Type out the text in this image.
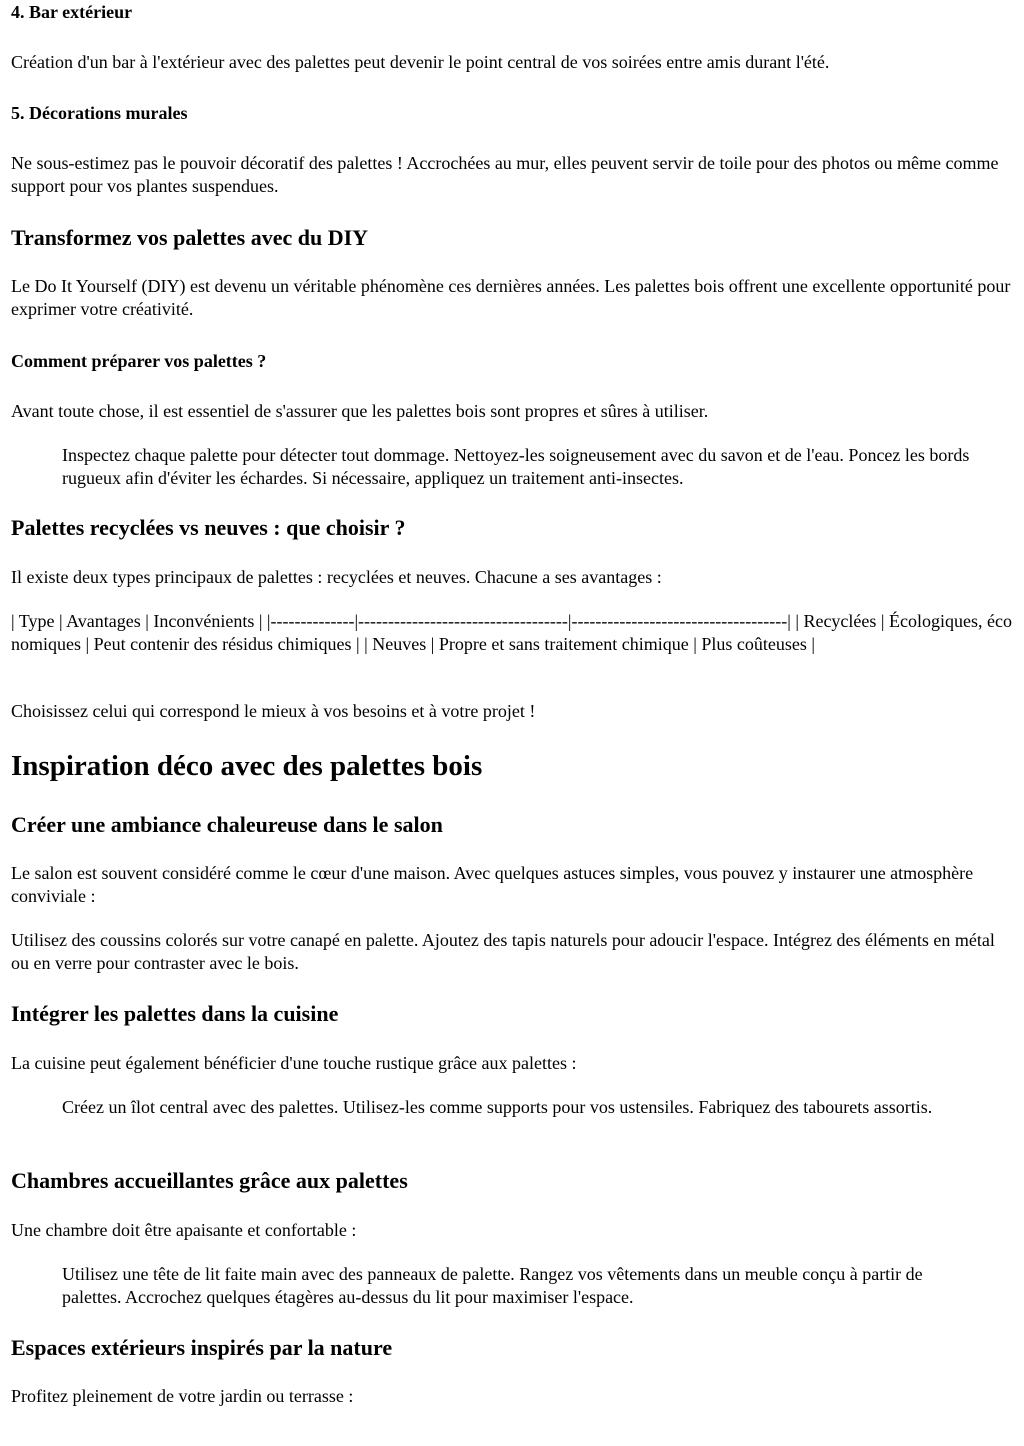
4. Bar extérieur

Création d'un bar à l'extérieur avec des palettes peut devenir le point central de vos soirées entre amis durant l'été.

5. Décorations murales

Ne sous-estimez pas le pouvoir décoratif des palettes ! Accrochées au mur, elles peuvent servir de toile pour des photos ou même comme support pour vos plantes suspendues.

Transformez vos palettes avec du DIY

Le Do It Yourself (DIY) est devenu un véritable phénomène ces dernières années. Les palettes bois offrent une excellente opportunité pour exprimer votre créativité.

Comment préparer vos palettes ?

Avant toute chose, il est essentiel de s'assurer que les palettes bois sont propres et sûres à utiliser.

Inspectez chaque palette pour détecter tout dommage. Nettoyez-les soigneusement avec du savon et de l'eau. Poncez les bords rugueux afin d'éviter les échardes. Si nécessaire, appliquez un traitement anti-insectes.

Palettes recyclées vs neuves : que choisir ?

Il existe deux types principaux de palettes : recyclées et neuves. Chacune a ses avantages :

| Type | Avantages | Inconvénients | |--------------|-----------------------------------|------------------------------------| | Recyclées | Écologiques, économiques | Peut contenir des résidus chimiques | | Neuves | Propre et sans traitement chimique | Plus coûteuses |

Choisissez celui qui correspond le mieux à vos besoins et à votre projet !

Inspiration déco avec des palettes bois
Créer une ambiance chaleureuse dans le salon

Le salon est souvent considéré comme le cœur d'une maison. Avec quelques astuces simples, vous pouvez y instaurer une atmosphère conviviale :

Utilisez des coussins colorés sur votre canapé en palette. Ajoutez des tapis naturels pour adoucir l'espace. Intégrez des éléments en métal ou en verre pour contraster avec le bois.

Intégrer les palettes dans la cuisine

La cuisine peut également bénéficier d'une touche rustique grâce aux palettes :

Créez un îlot central avec des palettes. Utilisez-les comme supports pour vos ustensiles. Fabriquez des tabourets assortis.

Chambres accueillantes grâce aux palettes

Une chambre doit être apaisante et confortable :

Utilisez une tête de lit faite main avec des panneaux de palette. Rangez vos vêtements dans un meuble conçu à partir de palettes. Accrochez quelques étagères au-dessus du lit pour maximiser l'espace.

Espaces extérieurs inspirés par la nature

Profitez pleinement de votre jardin ou terrasse :
